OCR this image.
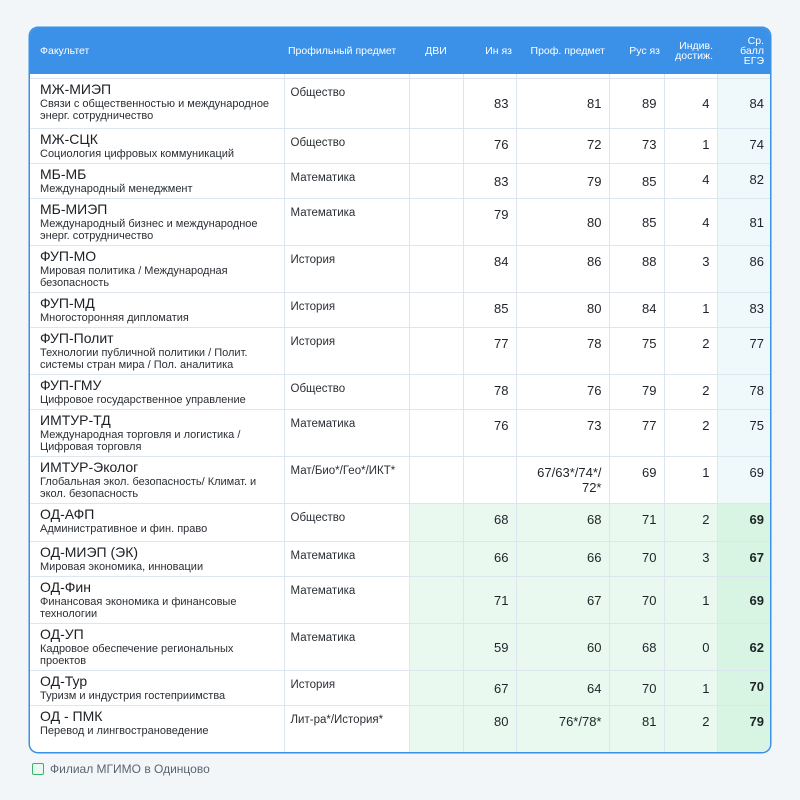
Факультет	Профильный предмет	ДВИ	Ин яз	Проф. предмет	Рус яз	Индив. достиж.	Ср. балл ЕГЭ

МЖ-МИЭП
Связи с общественностью и международное энерг. сотрудничество	Общество		83	81	89	4	84

МЖ-СЦК
Социология цифровых коммуникаций	Общество		76	72	73	1	74

МБ-МБ
Международный менеджмент	Математика		83	79	85	4	82

МБ-МИЭП
Международный бизнес и международное энерг. сотрудничество	Математика		79	80	85	4	81

ФУП-МО
Мировая политика / Международная безопасность	История		84	86	88	3	86

ФУП-МД
Многосторонняя дипломатия	История		85	80	84	1	83

ФУП-Полит
Технологии публичной политики / Полит. системы стран мира / Пол. аналитика	История		77	78	75	2	77

ФУП-ГМУ
Цифровое государственное управление	Общество		78	76	79	2	78

ИМТУР-ТД
Международная торговля и логистика / Цифровая торговля	Математика		76	73	77	2	75

ИМТУР-Эколог
Глобальная экол. безопасность/ Климат. и экол. безопасность	Мат/Био*/Гео*/ИКТ*			67/63*/74*/ 72*	69	1	69

ОД-АФП
Административное и фин. право	Общество		68	68	71	2	69

ОД-МИЭП (ЭК)
Мировая экономика, инновации	Математика		66	66	70	3	67

ОД-Фин
Финансовая экономика и финансовые технологии	Математика		71	67	70	1	69

ОД-УП
Кадровое обеспечение региональных проектов	Математика		59	60	68	0	62

ОД-Тур
Туризм и индустрия гостеприимства	История		67	64	70	1	70

ОД - ПМК
Перевод и лингвострановедение	Лит-ра*/История*		80	76*/78*	81	2	79
Филиал МГИМО в Одинцово
